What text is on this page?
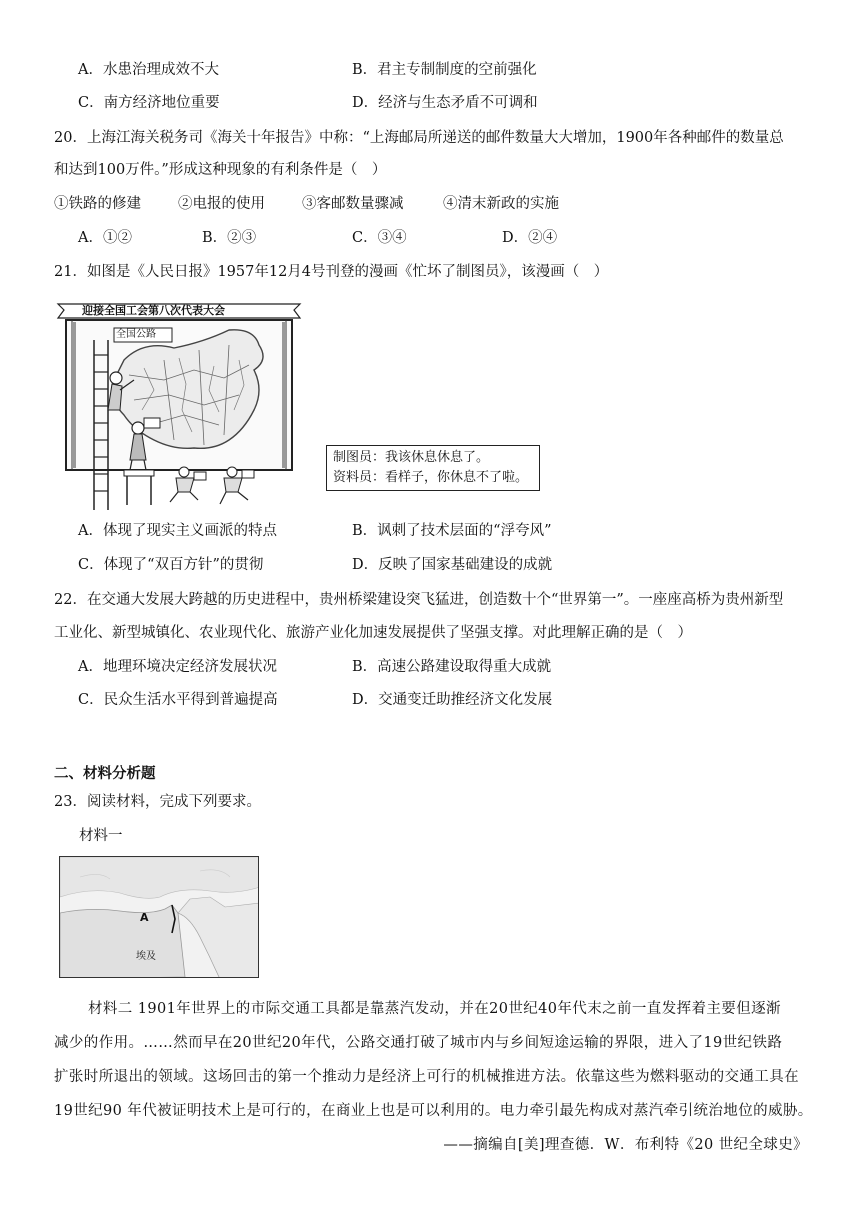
A．水患治理成效不大	B．君主专制制度的空前强化
C．南方经济地位重要	D．经济与生态矛盾不可调和
20．上海江海关税务司《海关十年报告》中称：“上海邮局所递送的邮件数量大大增加，1900年各种邮件的数量总
和达到100万件。”形成这种现象的有利条件是（　）
①铁路的修建	②电报的使用	③客邮数量骤减	④清末新政的实施
A．①②	B．②③	C．③④	D．②④
21．如图是《人民日报》1957年12月4号刊登的漫画《忙坏了制图员》，该漫画（　）
迎接全国工会第八次代表大会
全国公路
制图员：我该休息休息了。
资料员：看样子，你休息不了啦。
A．体现了现实主义画派的特点	B．讽刺了技术层面的“浮夸风”
C．体现了“双百方针”的贯彻	D．反映了国家基础建设的成就
22．在交通大发展大跨越的历史进程中，贵州桥梁建设突飞猛进，创造数十个“世界第一”。一座座高桥为贵州新型
工业化、新型城镇化、农业现代化、旅游产业化加速发展提供了坚强支撑。对此理解正确的是（　）
A．地理环境决定经济发展状况	B．高速公路建设取得重大成就
C．民众生活水平得到普遍提高	D．交通变迁助推经济文化发展
二、材料分析题
23．阅读材料，完成下列要求。
材料一
A
埃及
材料二 1901年世界上的市际交通工具都是靠蒸汽发动，并在20世纪40年代末之前一直发挥着主要但逐渐
减少的作用。……然而早在20世纪20年代，公路交通打破了城市内与乡间短途运输的界限，进入了19世纪铁路
扩张时所退出的领域。这场回击的第一个推动力是经济上可行的机械推进方法。依靠这些为燃料驱动的交通工具在
19世纪90 年代被证明技术上是可行的，在商业上也是可以利用的。电力牵引最先构成对蒸汽牵引统治地位的威胁。
——摘编自[美]理查德．W．布利特《20 世纪全球史》
